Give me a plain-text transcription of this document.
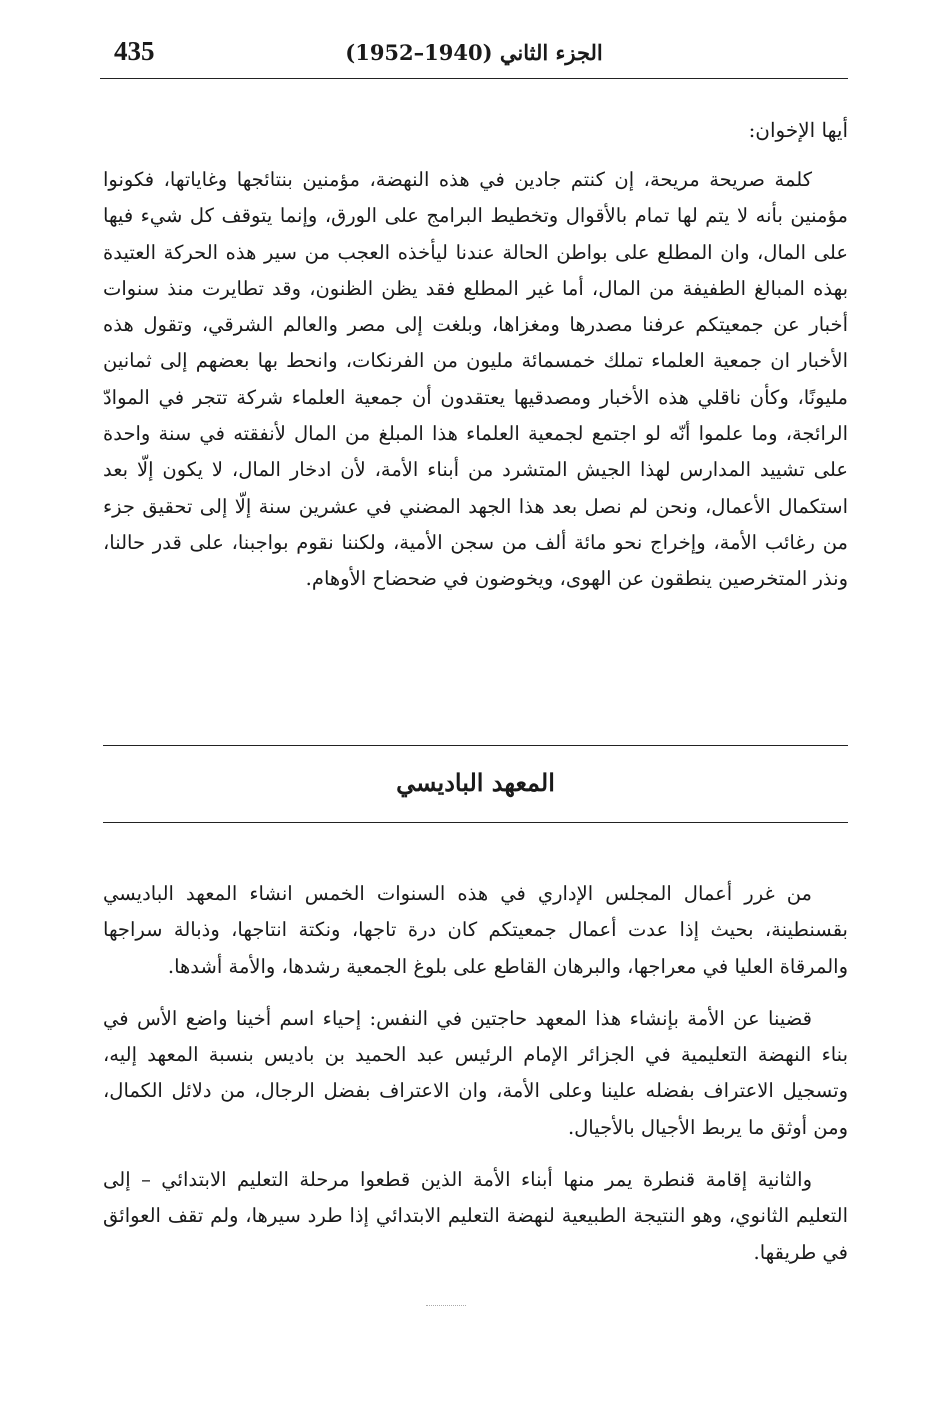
435	الجزء الثاني (1940–1952)
أيها الإخوان:

كلمة صريحة مريحة، إن كنتم جادين في هذه النهضة، مؤمنين بنتائجها وغاياتها، فكونوا مؤمنين بأنه لا يتم لها تمام بالأقوال وتخطيط البرامج على الورق، وإنما يتوقف كل شيء فيها على المال، وان المطلع على بواطن الحالة عندنا ليأخذه العجب من سير هذه الحركة العتيدة بهذه المبالغ الطفيفة من المال، أما غير المطلع فقد يظن الظنون، وقد تطايرت منذ سنوات أخبار عن جمعيتكم عرفنا مصدرها ومغزاها، وبلغت إلى مصر والعالم الشرقي، وتقول هذه الأخبار ان جمعية العلماء تملك خمسمائة مليون من الفرنكات، وانحط بها بعضهم إلى ثمانين مليونًا، وكأن ناقلي هذه الأخبار ومصدقيها يعتقدون أن جمعية العلماء شركة تتجر في الموادّ الرائجة، وما علموا أنّه لو اجتمع لجمعية العلماء هذا المبلغ من المال لأنفقته في سنة واحدة على تشييد المدارس لهذا الجيش المتشرد من أبناء الأمة، لأن ادخار المال، لا يكون إلّا بعد استكمال الأعمال، ونحن لم نصل بعد هذا الجهد المضني في عشرين سنة إلّا إلى تحقيق جزء من رغائب الأمة، وإخراج نحو مائة ألف من سجن الأمية، ولكننا نقوم بواجبنا، على قدر حالنا، ونذر المتخرصين ينطقون عن الهوى، ويخوضون في ضحضاح الأوهام.

المعهد الباديسي

من غرر أعمال المجلس الإداري في هذه السنوات الخمس انشاء المعهد الباديسي بقسنطينة، بحيث إذا عدت أعمال جمعيتكم كان درة تاجها، ونكتة انتاجها، وذبالة سراجها والمرقاة العليا في معراجها، والبرهان القاطع على بلوغ الجمعية رشدها، والأمة أشدها.

قضينا عن الأمة بإنشاء هذا المعهد حاجتين في النفس: إحياء اسم أخينا واضع الأس في بناء النهضة التعليمية في الجزائر الإمام الرئيس عبد الحميد بن باديس بنسبة المعهد إليه، وتسجيل الاعتراف بفضله علينا وعلى الأمة، وان الاعتراف بفضل الرجال، من دلائل الكمال، ومن أوثق ما يربط الأجيال بالأجيال.

والثانية إقامة قنطرة يمر منها أبناء الأمة الذين قطعوا مرحلة التعليم الابتدائي – إلى التعليم الثانوي، وهو النتيجة الطبيعية لنهضة التعليم الابتدائي إذا طرد سيرها، ولم تقف العوائق في طريقها.
